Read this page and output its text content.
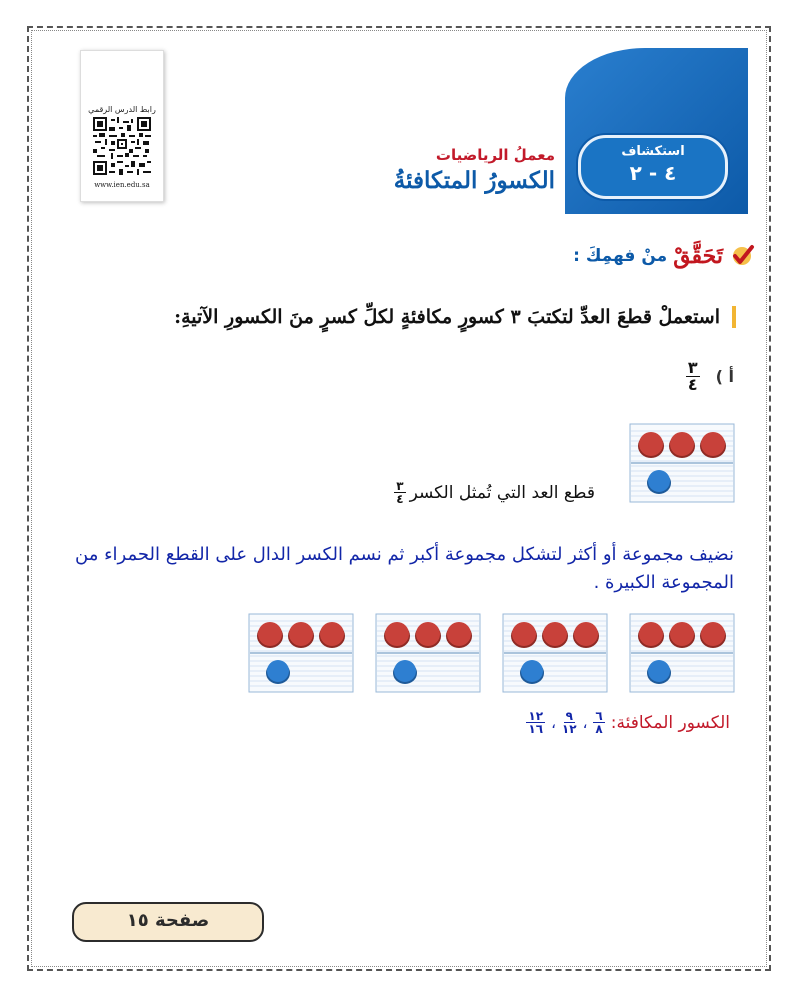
رابط الدرس الرقمي
www.ien.edu.sa
استكشاف
٤ - ٢
معملُ الرياضيات
الكسورُ المتكافئةُ
تَحَقَّقْ
منْ فهمِكَ :
استعملْ قطعَ العدِّ لتكتبَ ٣ كسورٍ مكافئةٍ لكلِّ كسرٍ منَ الكسورِ الآتيةِ:
أ )
$\frac{٣}{٤}$
قطع العد التي تُمثل الكسر
$\frac{٣}{٤}$
نضيف مجموعة أو أكثر لتشكل مجموعة أكبر ثم نسم الكسر الدال على القطع الحمراء من المجموعة الكبيرة .
الكسور المكافئة:
$\frac{٦}{٨}$
،
$\frac{٩}{١٢}$
،
$\frac{١٢}{١٦}$
صفحة ١٥
